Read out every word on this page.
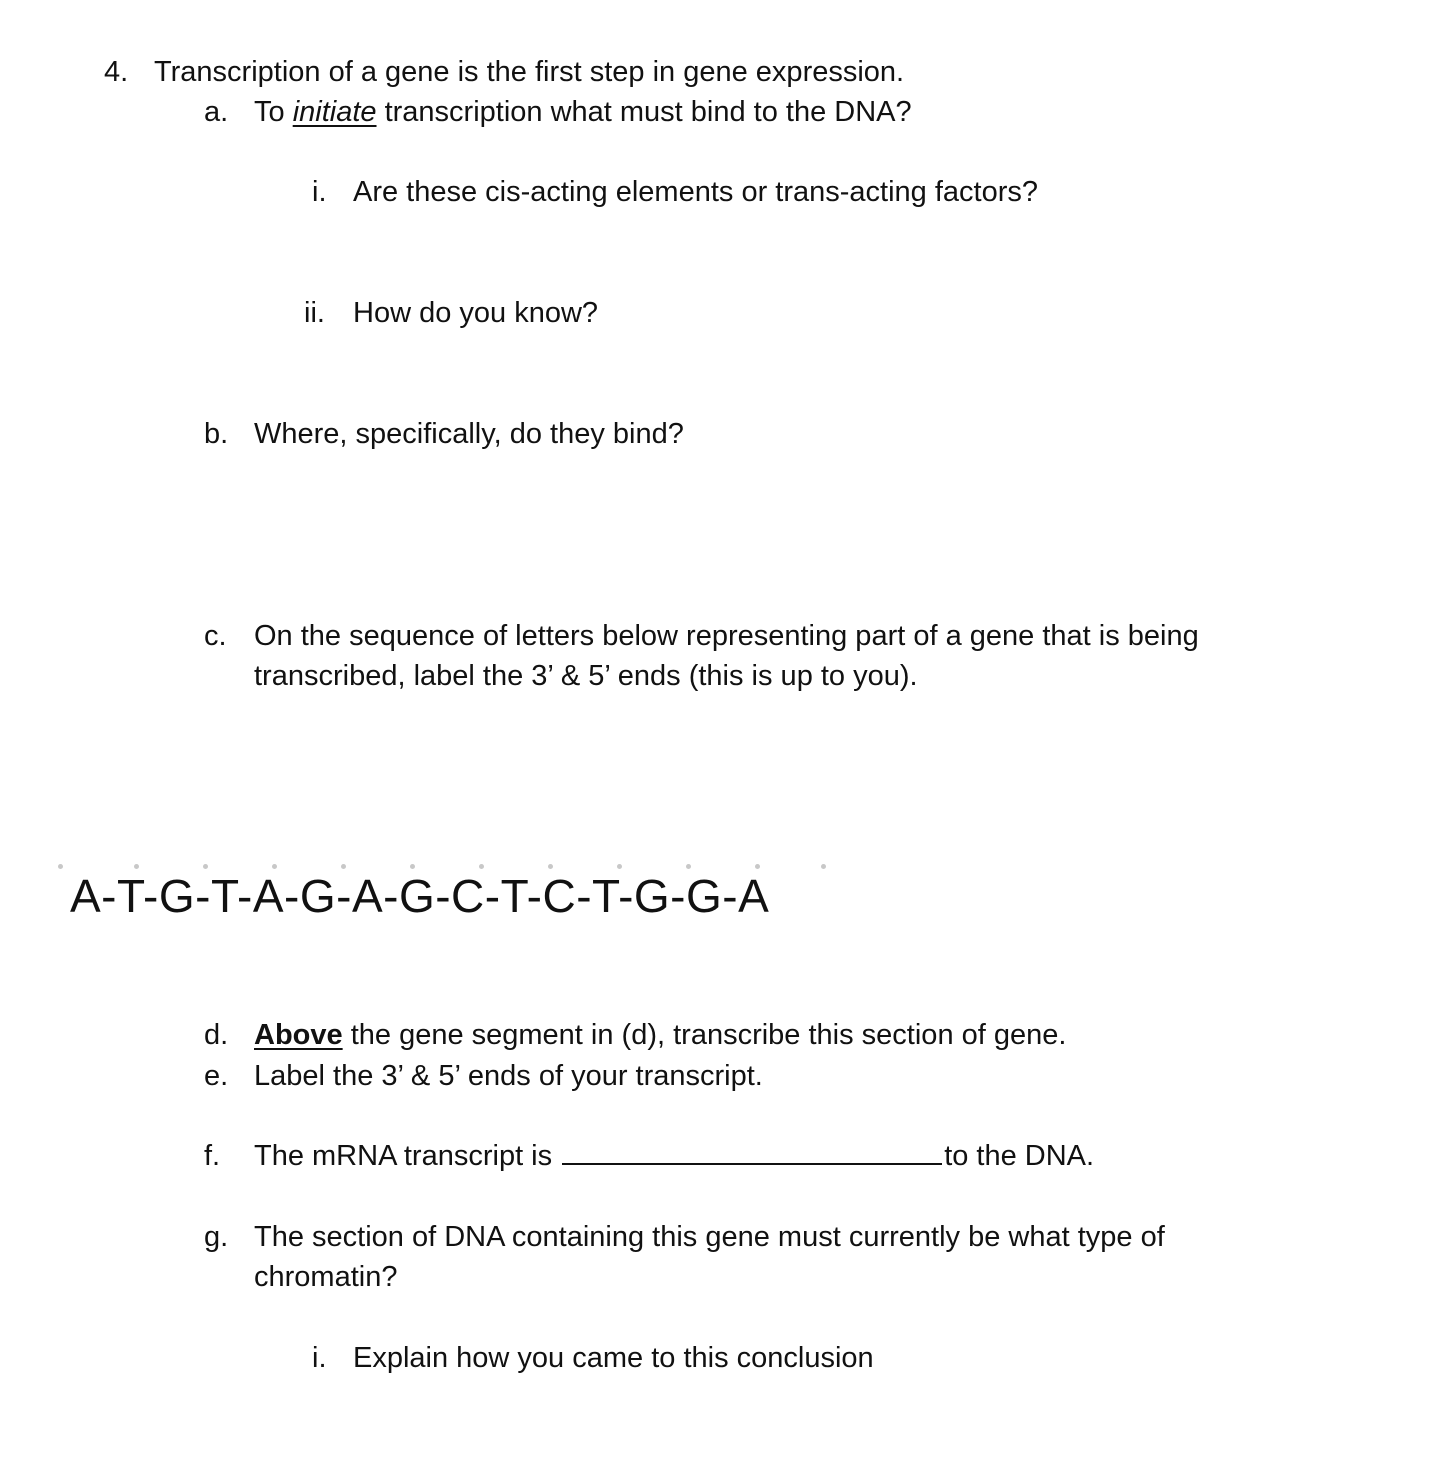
4. Transcription of a gene is the first step in gene expression.
a. To initiate transcription what must bind to the DNA?
i. Are these cis-acting elements or trans-acting factors?
ii. How do you know?
b. Where, specifically, do they bind?
c. On the sequence of letters below representing part of a gene that is being
transcribed, label the 3’ & 5’ ends (this is up to you).
A-T-G-T-A-G-A-G-C-T-C-T-G-G-A
d. Above the gene segment in (d), transcribe this section of gene.
e. Label the 3’ & 5’ ends of your transcript.
f. The mRNA transcript is	to the DNA.
g. The section of DNA containing this gene must currently be what type of
chromatin?
i. Explain how you came to this conclusion
